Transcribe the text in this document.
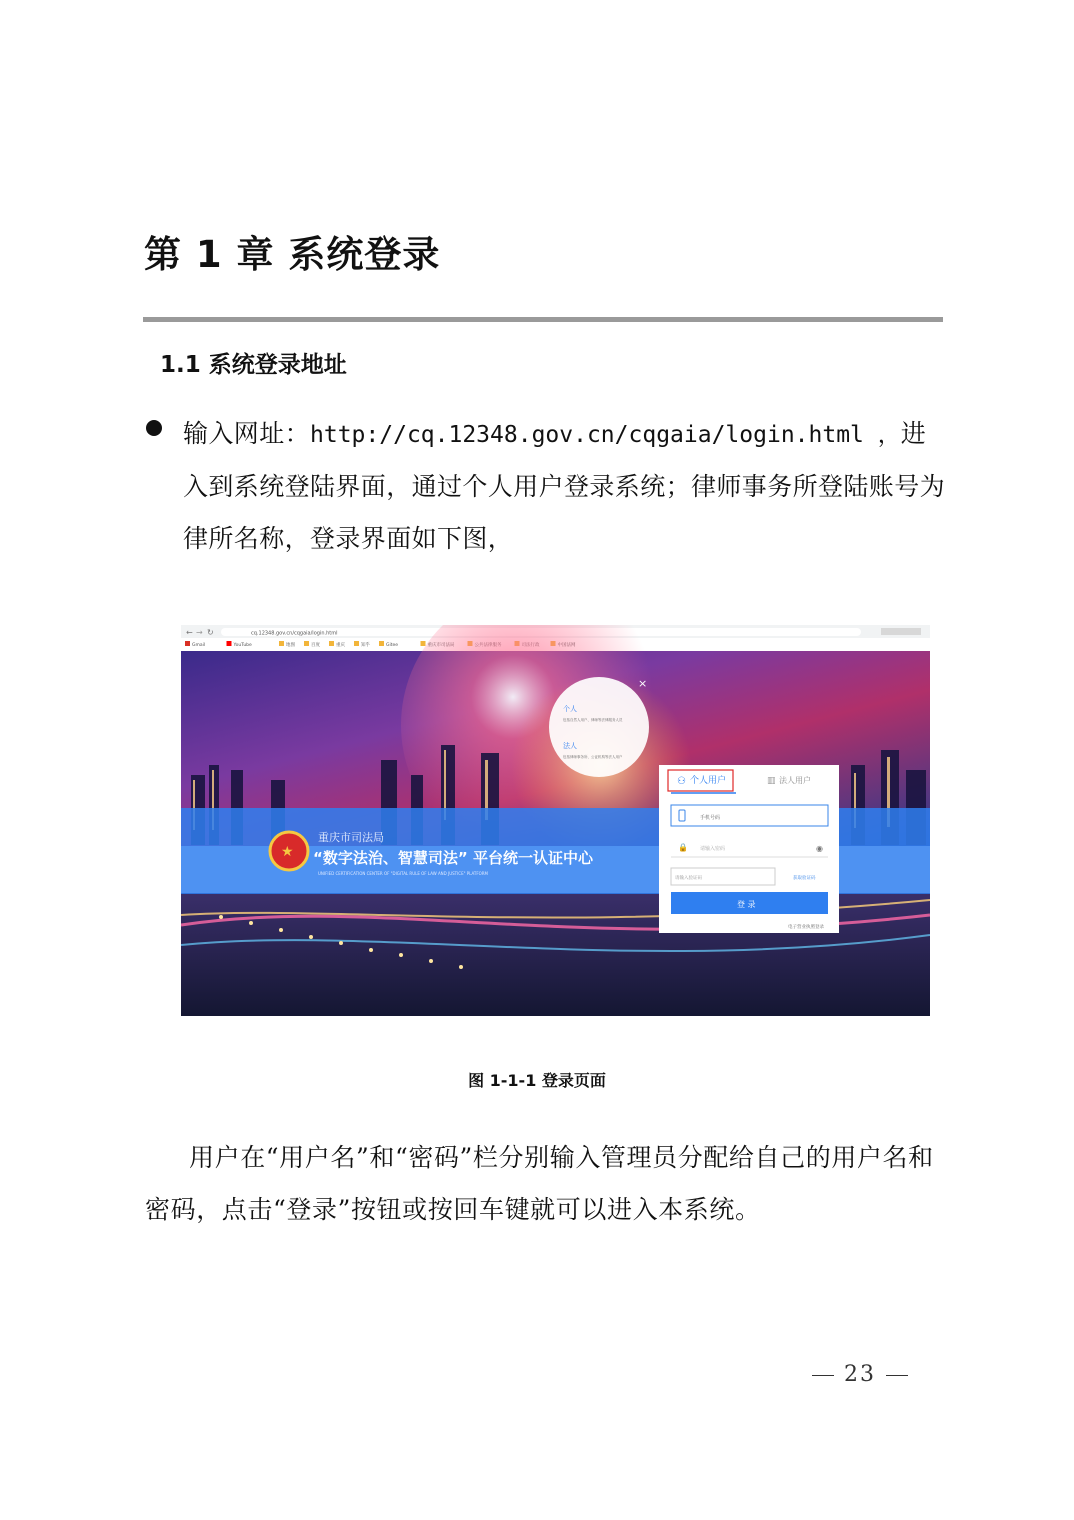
第 1 章 系统登录
1.1 系统登录地址
输入网址：http://cq.12348.gov.cn/cqgaia/login.html ，进入到系统登陆界面，通过个人用户登录系统；律师事务所登陆账号为律所名称，登录界面如下图，
← → ↻	cq.12348.gov.cn/cqgaia/login.html
Gmail	YouTube	地图	百度	重庆	知乎	Gitee
★
重庆市司法局
“数字法治、智慧司法” 平台统一认证中心
UNIFIED CERTIFICATION CENTER OF "DIGITAL RULE OF LAW AND JUSTICE" PLATFORM
个人
包括自然人用户、律师等法律服务人员
法人
包括律师事务所、公证机构等法人用户
×
⚇ 个人用户	▥ 法人用户
手机号码
🔒 请输入密码	◉
请输入验证码	获取验证码
登 录
电子营业执照登录
图 1-1-1 登录页面
用户在“用户名”和“密码”栏分别输入管理员分配给自己的用户名和密码，点击“登录”按钮或按回车键就可以进入本系统。
23
